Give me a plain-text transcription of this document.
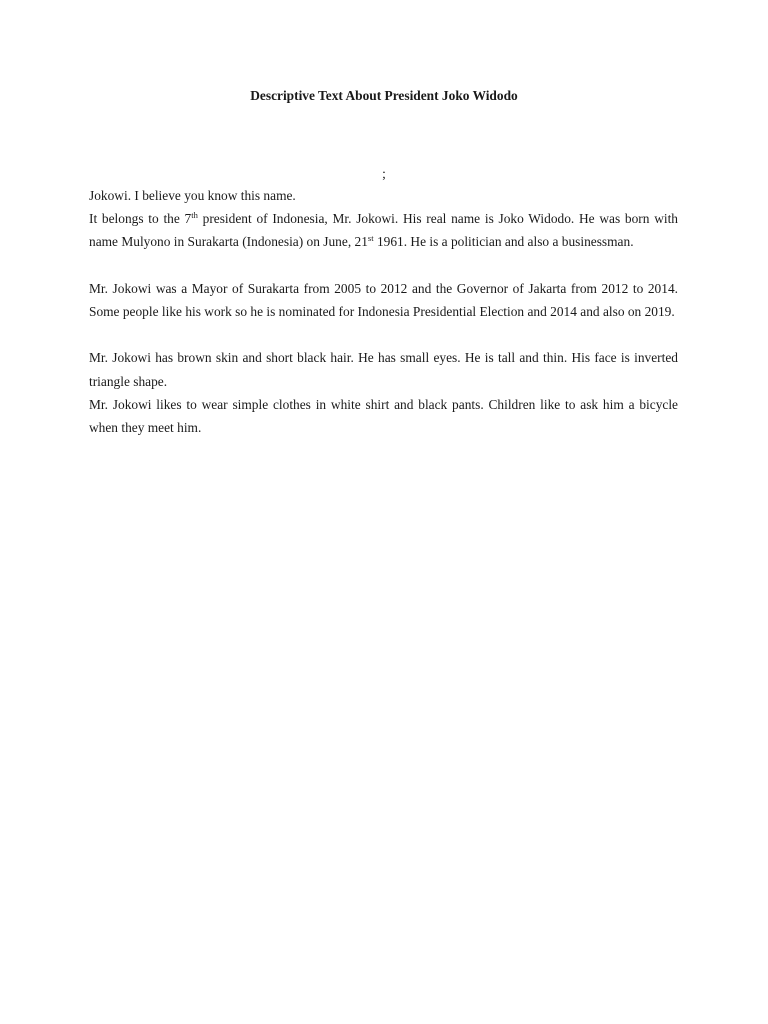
Descriptive Text About President Joko Widodo

;

Jokowi. I believe you know this name.

It belongs to the 7th president of Indonesia, Mr. Jokowi. His real name is Joko Widodo. He was born with name Mulyono in Surakarta (Indonesia) on June, 21st 1961. He is a politician and also a businessman.

Mr. Jokowi was a Mayor of Surakarta from 2005 to 2012 and the Governor of Jakarta from 2012 to 2014. Some people like his work so he is nominated for Indonesia Presidential Election and 2014 and also on 2019.

Mr. Jokowi has brown skin and short black hair. He has small eyes. He is tall and thin. His face is inverted triangle shape.

Mr. Jokowi likes to wear simple clothes in white shirt and black pants. Children like to ask him a bicycle when they meet him.
